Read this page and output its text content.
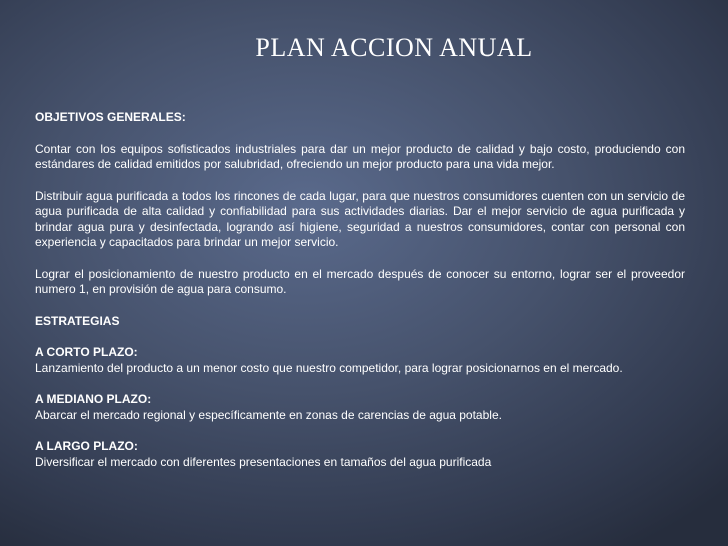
PLAN ACCION ANUAL

OBJETIVOS GENERALES:

Contar con los equipos sofisticados industriales para dar un mejor producto de calidad y bajo costo, produciendo con estándares de calidad emitidos por salubridad, ofreciendo un mejor producto para una vida mejor.

Distribuir agua purificada a todos los rincones de cada lugar, para que nuestros consumidores cuenten con un servicio de agua purificada de alta calidad y confiabilidad para sus actividades diarias. Dar el mejor servicio de agua purificada y brindar agua pura y desinfectada, logrando así higiene, seguridad a nuestros consumidores, contar con personal con experiencia y capacitados para brindar un mejor servicio.

Lograr el posicionamiento de nuestro producto en el mercado después de conocer su entorno, lograr ser el proveedor numero 1, en provisión de agua para consumo.

ESTRATEGIAS

A CORTO PLAZO:

Lanzamiento del producto a un menor costo que nuestro competidor, para lograr posicionarnos en el mercado.

A MEDIANO PLAZO:

Abarcar el mercado regional y específicamente en zonas de carencias de agua potable.

A LARGO PLAZO:

Diversificar el mercado con diferentes presentaciones en tamaños del agua purificada
